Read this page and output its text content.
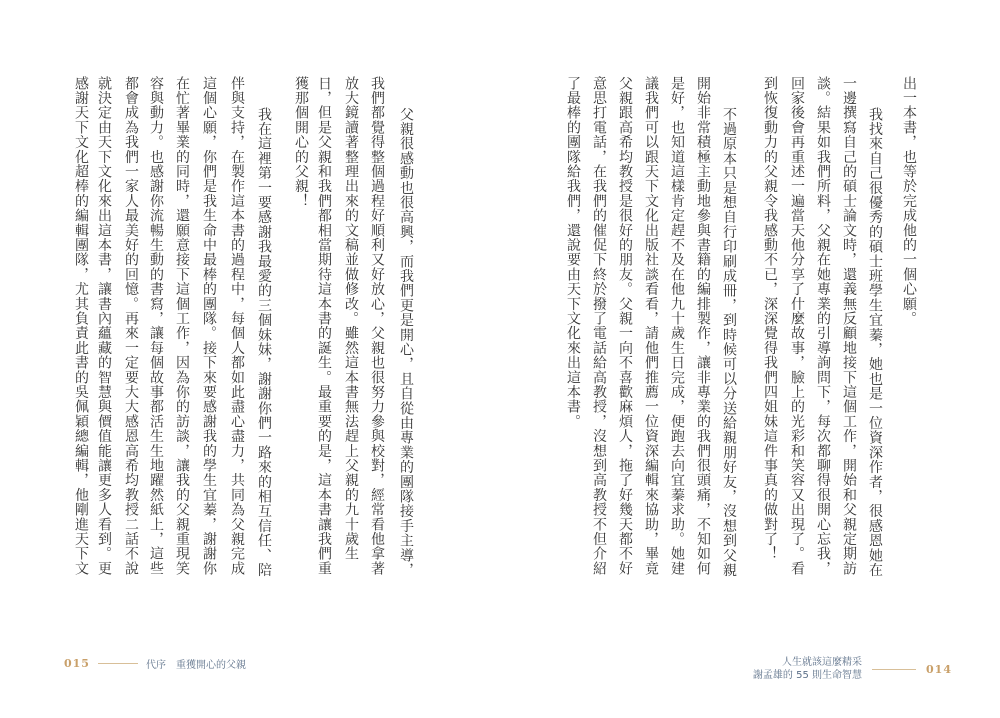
父親很感動也很高興，而我們更是開心，且自從由專業的團隊接手主導，
我們都覺得整個過程好順利又好放心，父親也很努力參與校對，經常看他拿著
放大鏡讀著整理出來的文稿並做修改。雖然這本書無法趕上父親的九十歲生
日，但是父親和我們都相當期待這本書的誕生。最重要的是，這本書讓我們重
獲那個開心的父親！
我在這裡第一要感謝我最愛的三個妹妹，謝謝你們一路來的相互信任、陪
伴與支持，在製作這本書的過程中，每個人都如此盡心盡力，共同為父親完成
這個心願，你們是我生命中最棒的團隊。接下來要感謝我的學生宜蓁，謝謝你
在忙著畢業的同時，還願意接下這個工作，因為你的訪談，讓我的父親重現笑
容與動力。也感謝你流暢生動的書寫，讓每個故事都活生生地躍然紙上，這些
都會成為我們一家人最美好的回憶。再來一定要大大感恩高希均教授二話不說
就決定由天下文化來出這本書，讓書內蘊藏的智慧與價值能讓更多人看到。更
感謝天下文化超棒的編輯團隊，尤其負責此書的吳佩穎總編輯，他剛進天下文
015	代序 重獲開心的父親
出一本書，也等於完成他的一個心願。
我找來自己很優秀的碩士班學生宜蓁，她也是一位資深作者，很感恩她在
一邊撰寫自己的碩士論文時，還義無反顧地接下這個工作，開始和父親定期訪
談。結果如我們所料，父親在她專業的引導詢問下，每次都聊得很開心忘我，
回家後會再重述一遍當天他分享了什麼故事，臉上的光彩和笑容又出現了。看
到恢復動力的父親令我感動不已，深深覺得我們四姐妹這件事真的做對了！
不過原本只是想自行印刷成冊，到時候可以分送給親朋好友，沒想到父親
開始非常積極主動地參與書籍的編排製作，讓非專業的我們很頭痛，不知如何
是好，也知道這樣肯定趕不及在他九十歲生日完成，便跑去向宜蓁求助。她建
議我們可以跟天下文化出版社談看看，請他們推薦一位資深編輯來協助，畢竟
父親跟高希均教授是很好的朋友。父親一向不喜歡麻煩人，拖了好幾天都不好
意思打電話，在我們的催促下終於撥了電話給高教授，沒想到高教授不但介紹
了最棒的團隊給我們，還說要由天下文化來出這本書。
人生就該這麼精采
謝孟雄的 55 則生命智慧	014
